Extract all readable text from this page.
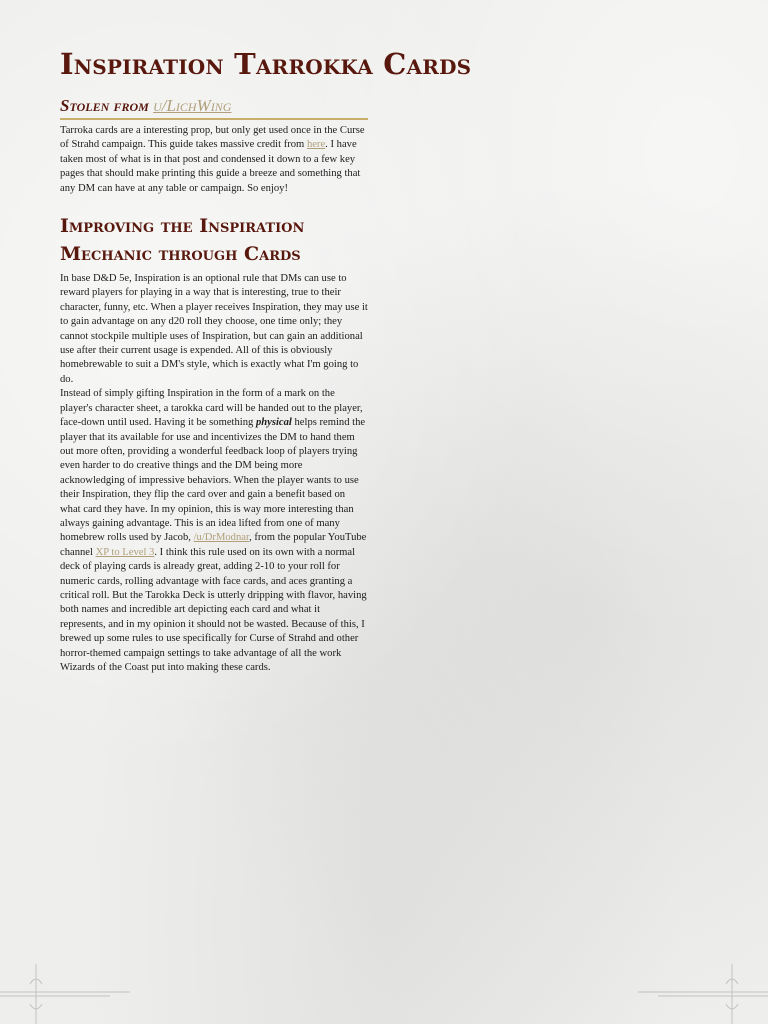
Inspiration Tarrokka Cards
Stolen from u/LichWing

Tarroka cards are a interesting prop, but only get used once in the Curse of Strahd campaign. This guide takes massive credit from here. I have taken most of what is in that post and condensed it down to a few key pages that should make printing this guide a breeze and something that any DM can have at any table or campaign. So enjoy!

Improving the Inspiration
Mechanic through Cards

In base D&D 5e, Inspiration is an optional rule that DMs can use to reward players for playing in a way that is interesting, true to their character, funny, etc. When a player receives Inspiration, they may use it to gain advantage on any d20 roll they choose, one time only; they cannot stockpile multiple uses of Inspiration, but can gain an additional use after their current usage is expended. All of this is obviously homebrewable to suit a DM's style, which is exactly what I'm going to do.

Instead of simply gifting Inspiration in the form of a mark on the player's character sheet, a tarokka card will be handed out to the player, face-down until used. Having it be something physical helps remind the player that its available for use and incentivizes the DM to hand them out more often, providing a wonderful feedback loop of players trying even harder to do creative things and the DM being more acknowledging of impressive behaviors. When the player wants to use their Inspiration, they flip the card over and gain a benefit based on what card they have. In my opinion, this is way more interesting than always gaining advantage. This is an idea lifted from one of many homebrew rolls used by Jacob, /u/DrModnar, from the popular YouTube channel XP to Level 3. I think this rule used on its own with a normal deck of playing cards is already great, adding 2-10 to your roll for numeric cards, rolling advantage with face cards, and aces granting a critical roll. But the Tarokka Deck is utterly dripping with flavor, having both names and incredible art depicting each card and what it represents, and in my opinion it should not be wasted. Because of this, I brewed up some rules to use specifically for Curse of Strahd and other horror-themed campaign settings to take advantage of all the work Wizards of the Coast put into making these cards.
